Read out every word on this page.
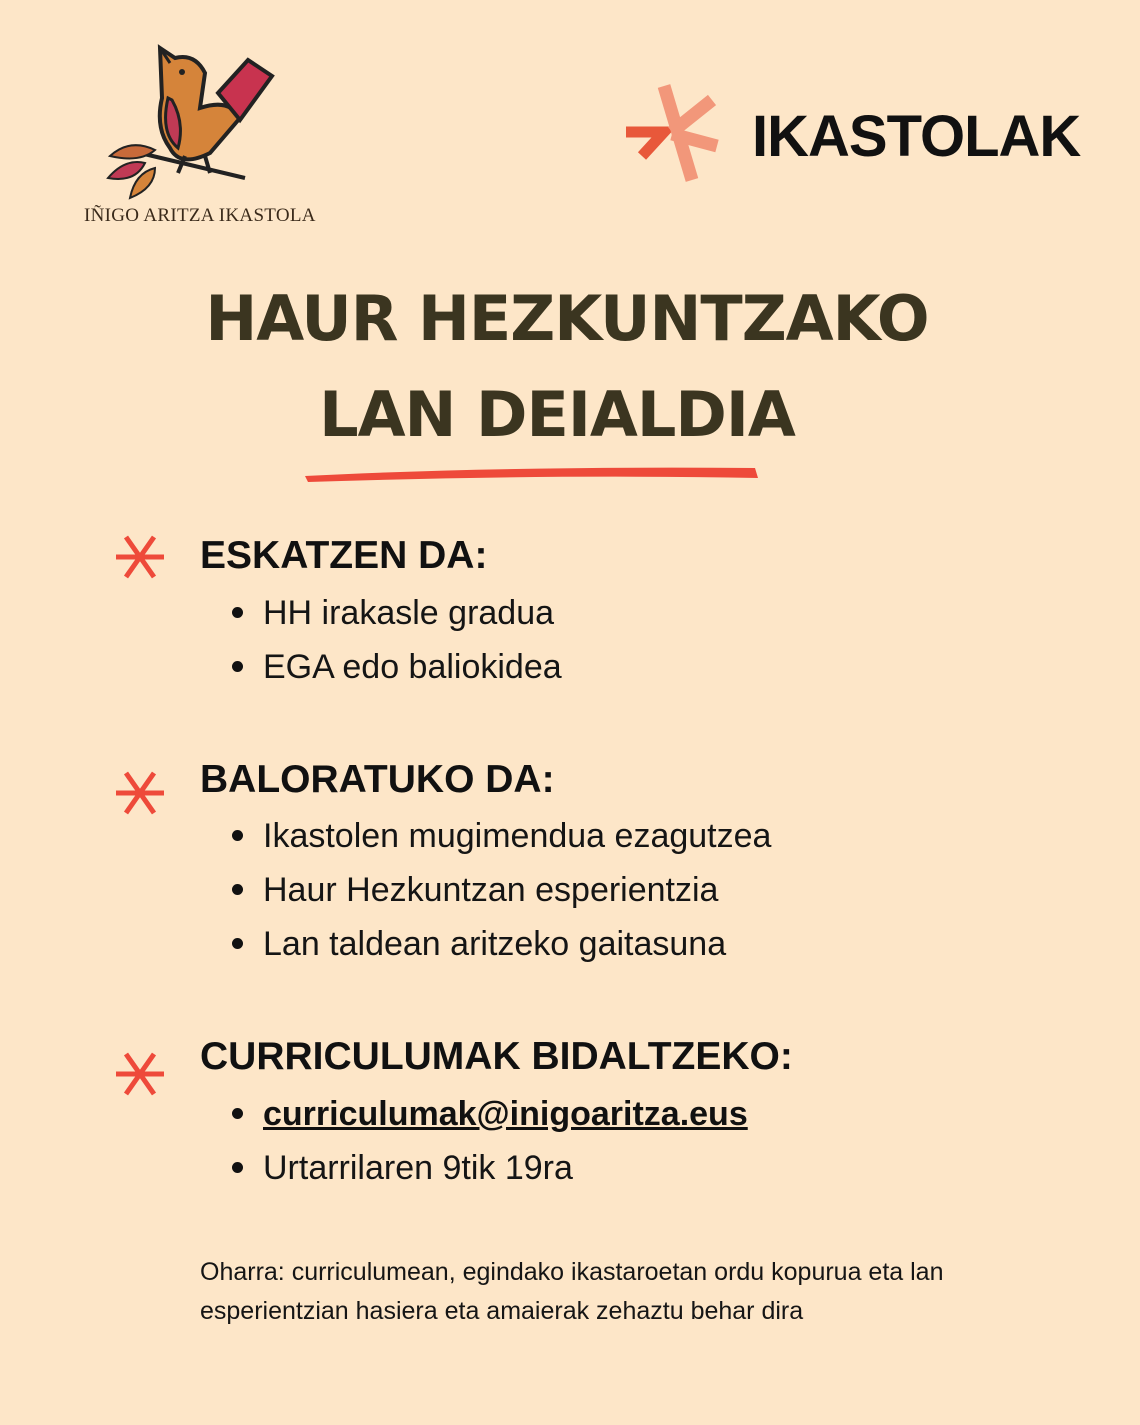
IÑIGO ARITZA IKASTOLA
IKASTOLAK
HAUR HEZKUNTZAKO
LAN DEIALDIA
ESKATZEN DA:
HH irakasle gradua
EGA edo baliokidea
BALORATUKO DA:
Ikastolen mugimendua ezagutzea
Haur Hezkuntzan esperientzia
Lan taldean aritzeko gaitasuna
CURRICULUMAK BIDALTZEKO:
curriculumak@inigoaritza.eus
Urtarrilaren 9tik 19ra
Oharra: curriculumean, egindako ikastaroetan ordu kopurua eta lan esperientzian hasiera eta amaierak zehaztu behar dira
